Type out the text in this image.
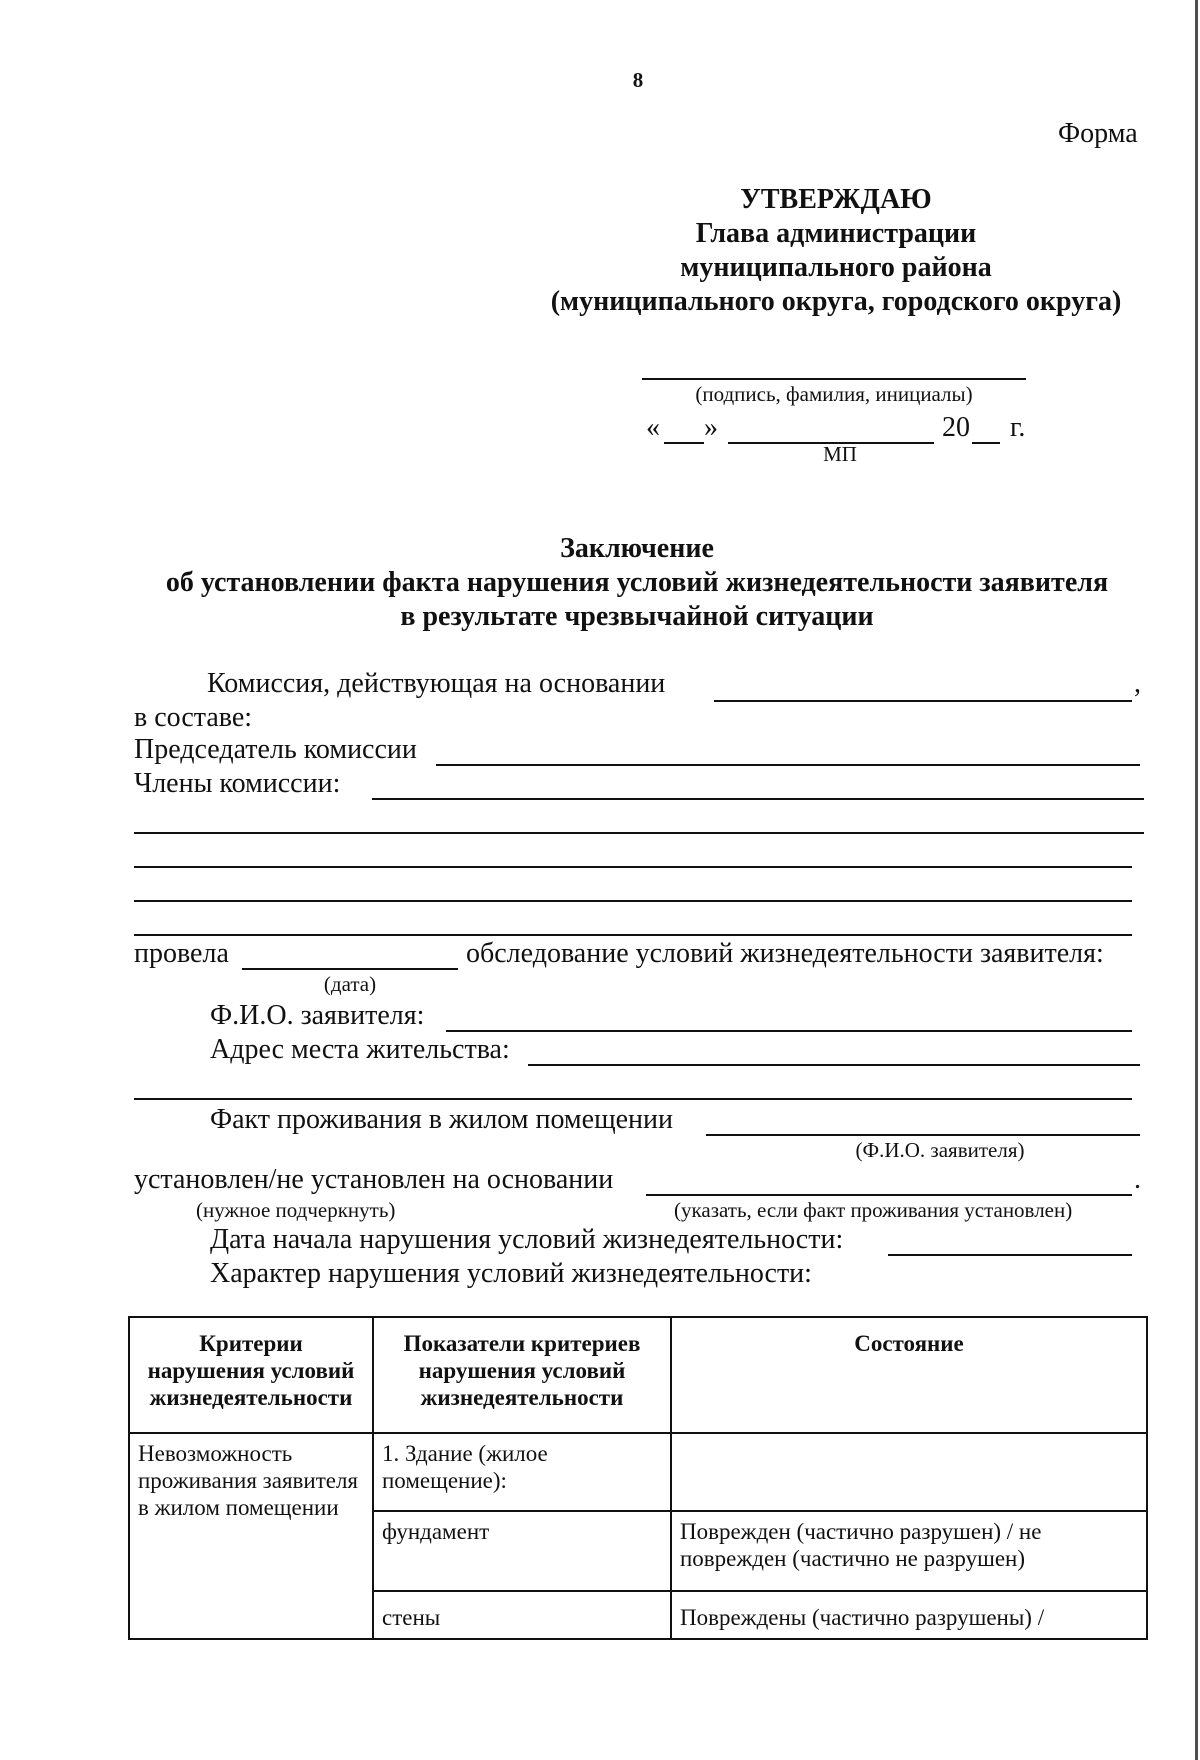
8
Форма
УТВЕРЖДАЮ
Глава администрации
муниципального района
(муниципального округа, городского округа)
(подпись, фамилия, инициалы)
« »	20 г.
МП
Заключение
об установлении факта нарушения условий жизнедеятельности заявителя
в результате чрезвычайной ситуации
Комиссия, действующая на основании	,
в составе:
Председатель комиссии
Члены комиссии:
провела	обследование условий жизнедеятельности заявителя:
(дата)
Ф.И.О. заявителя:
Адрес места жительства:
Факт проживания в жилом помещении
(Ф.И.О. заявителя)
установлен/не установлен на основании	.
(нужное подчеркнуть)	(указать, если факт проживания установлен)
Дата начала нарушения условий жизнедеятельности:
Характер нарушения условий жизнедеятельности:
Критерии нарушения условий жизнедеятельности	Показатели критериев нарушения условий жизнедеятельности	Состояние
Невозможность проживания заявителя в жилом помещении	1. Здание (жилое помещение):	
	фундамент	Поврежден (частично разрушен) / не поврежден (частично не разрушен)
	стены	Повреждены (частично разрушены) /
